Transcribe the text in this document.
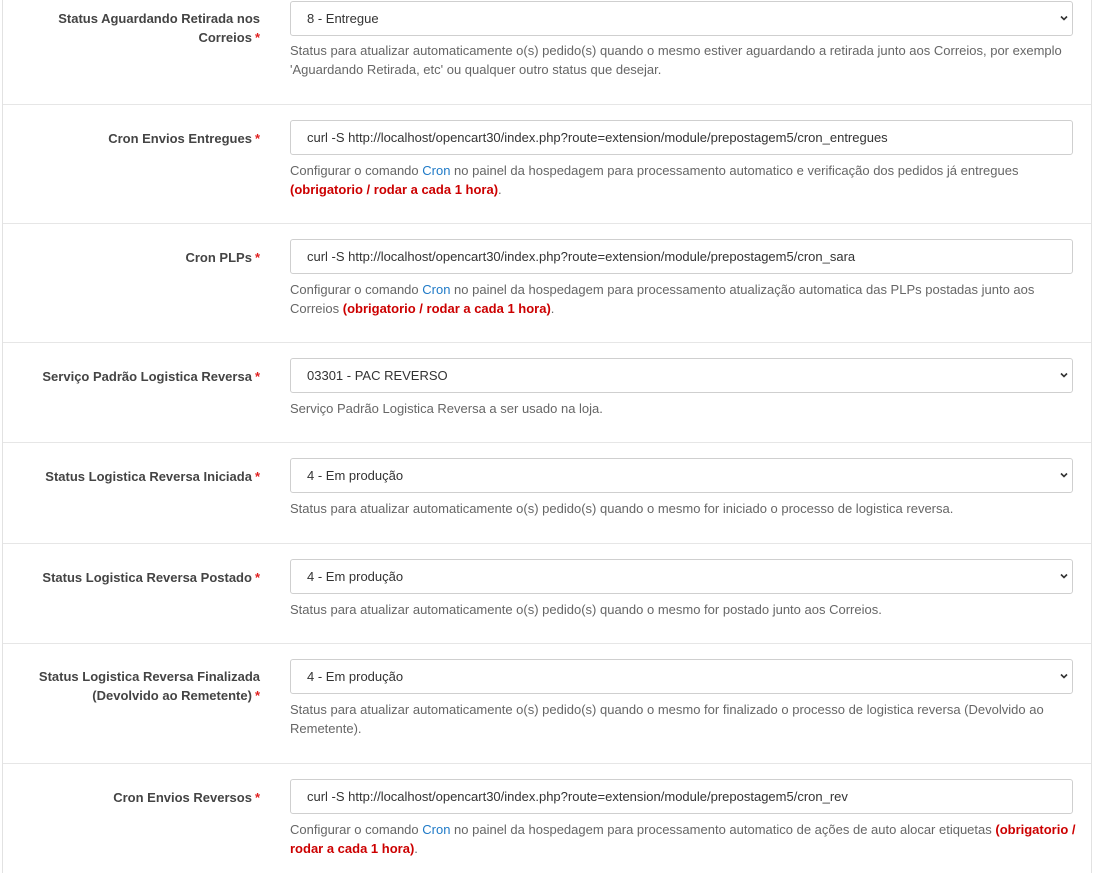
Status Aguardando Retirada nos
Correios *
8 - Entregue
Status para atualizar automaticamente o(s) pedido(s) quando o mesmo estiver aguardando a retirada junto aos Correios, por exemplo 'Aguardando Retirada, etc' ou qualquer outro status que desejar.
Cron Envios Entregues *	curl -S http://localhost/opencart30/index.php?route=extension/module/prepostagem5/cron_entregues
Configurar o comando Cron no painel da hospedagem para processamento automatico e verificação dos pedidos já entregues (obrigatorio / rodar a cada 1 hora).
Cron PLPs *	curl -S http://localhost/opencart30/index.php?route=extension/module/prepostagem5/cron_sara
Configurar o comando Cron no painel da hospedagem para processamento atualização automatica das PLPs postadas junto aos Correios (obrigatorio / rodar a cada 1 hora).
Serviço Padrão Logistica Reversa *	03301 - PAC REVERSO
Serviço Padrão Logistica Reversa a ser usado na loja.
Status Logistica Reversa Iniciada *	4 - Em produção
Status para atualizar automaticamente o(s) pedido(s) quando o mesmo for iniciado o processo de logistica reversa.
Status Logistica Reversa Postado *	4 - Em produção
Status para atualizar automaticamente o(s) pedido(s) quando o mesmo for postado junto aos Correios.
Status Logistica Reversa Finalizada
(Devolvido ao Remetente) *
4 - Em produção
Status para atualizar automaticamente o(s) pedido(s) quando o mesmo for finalizado o processo de logistica reversa (Devolvido ao Remetente).
Cron Envios Reversos *	curl -S http://localhost/opencart30/index.php?route=extension/module/prepostagem5/cron_rev
Configurar o comando Cron no painel da hospedagem para processamento automatico de ações de auto alocar etiquetas (obrigatorio / rodar a cada 1 hora).
